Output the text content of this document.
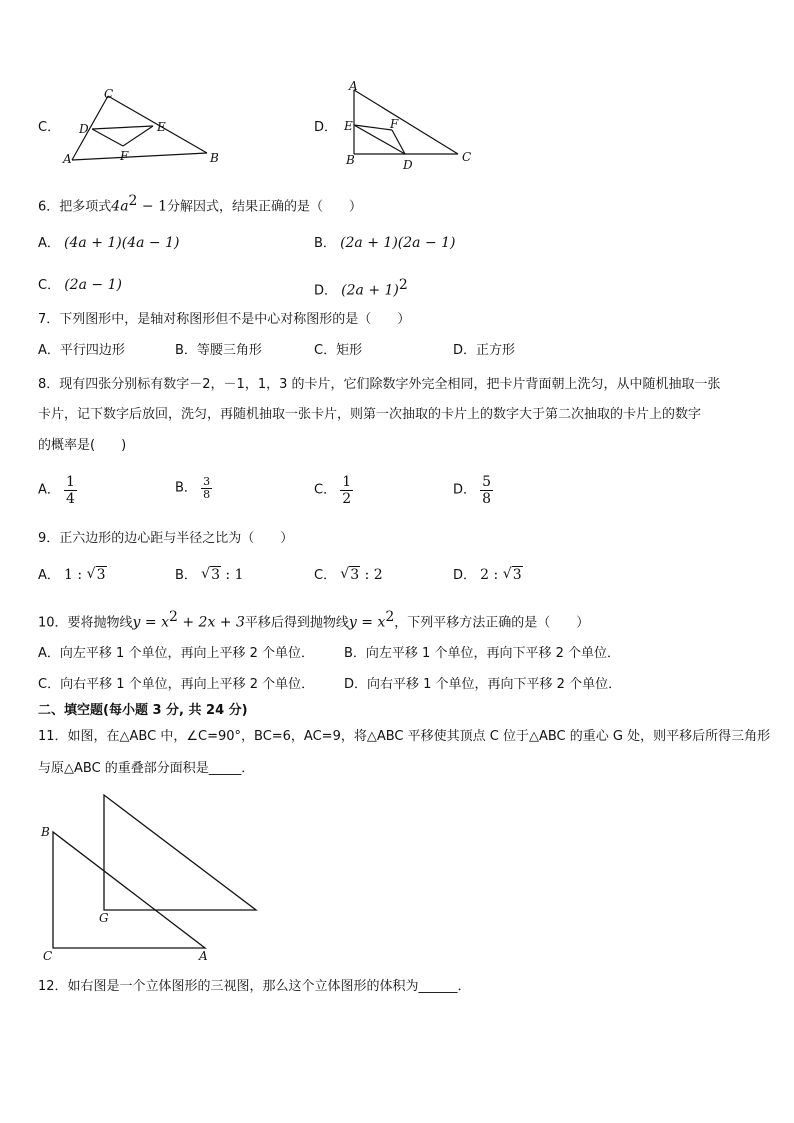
C．
C
D	E
A	F	B
D．
A
E	F
B	D
C
6．把多项式$4a^2 - 1$分解因式，结果正确的是（　　）
A． (4a + 1)(4a − 1)	B． (2a + 1)(2a − 1)
C． (2a − 1)	D． $(2a + 1)^2$
7．下列图形中，是轴对称图形但不是中心对称图形的是（　　）
A．平行四边形	B．等腰三角形	C．矩形	D．正方形
8．现有四张分别标有数字－2，－1，1，3 的卡片，它们除数字外完全相同，把卡片背面朝上洗匀，从中随机抽取一张
卡片，记下数字后放回，洗匀，再随机抽取一张卡片，则第一次抽取的卡片上的数字大于第二次抽取的卡片上的数字
的概率是(　　)
A． $\frac{1}{4}$	B． $\frac{3}{8}$	C． $\frac{1}{2}$	D． $\frac{5}{8}$
9．正六边形的边心距与半径之比为（　　）
A． 1 : √ 3	B． √ 3 : 1	C． √ 3 : 2	D． 2 : √ 3
10．要将抛物线$y = x^2 + 2x + 3$平移后得到抛物线$y = x^2$，下列平移方法正确的是（　　）
A．向左平移 1 个单位，再向上平移 2 个单位． B．向左平移 1 个单位，再向下平移 2 个单位．
C．向右平移 1 个单位，再向上平移 2 个单位． D．向右平移 1 个单位，再向下平移 2 个单位．
二、填空题(每小题 3 分, 共 24 分)
11．如图，在△ABC 中，∠C=90°，BC=6，AC=9，将△ABC 平移使其顶点 C 位于△ABC 的重心 G 处，则平移后所得三角形
与原△ABC 的重叠部分面积是_____．
B
G
C	A
12．如右图是一个立体图形的三视图，那么这个立体图形的体积为______．
